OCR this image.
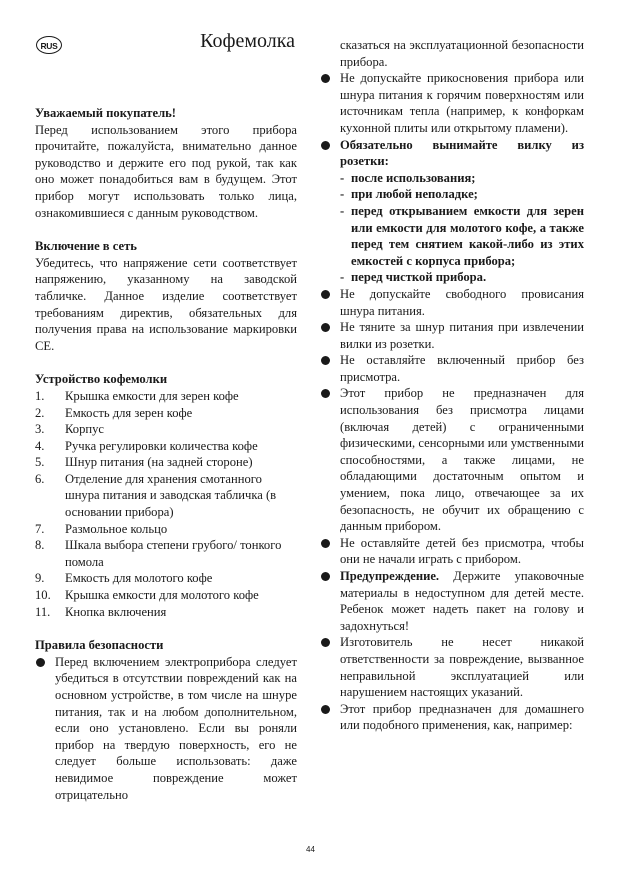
RUS	Кофемолка
Уважаемый покупатель!

Перед использованием этого прибора прочитайте, пожалуйста, внимательно данное руководство и держите его под рукой, так как оно может понадобиться вам в будущем. Этот прибор могут использовать только лица, ознакомившиеся с данным руководством.

Включение в сеть

Убедитесь, что напряжение сети соответствует напряжению, указанному на заводской табличке. Данное изделие соответствует требованиям директив, обязательных для получения права на использование маркировки СЕ.

Устройство кофемолки
1.	Крышка емкости для зерен кофе
2.	Емкость для зерен кофе
3.	Корпус
4.	Ручка регулировки количества кофе
5.	Шнур питания (на задней стороне)
6.	Отделение для хранения смотанного шнура питания и заводская табличка (в основании прибора)
7.	Размольное кольцо
8.	Шкала выбора степени грубого/ тонкого помола
9.	Емкость для молотого кофе
10.	Крышка емкости для молотого кофе
11.	Кнопка включения
Правила безопасности

Перед включением электроприбора следует убедиться в отсутствии повреждений как на основном устройстве, в том числе на шнуре питания, так и на любом дополнительном, если оно установлено. Если вы роняли прибор на твердую поверхность, его не следует больше использовать: даже невидимое повреждение может отрицательно

сказаться на эксплуатационной безопасности прибора.

Не допускайте прикосновения прибора или шнура питания к горячим поверхностям или источникам тепла (например, к конфоркам кухонной плиты или открытому пламени).

Обязательно вынимайте вилку из розетки:

- после использования;
- при любой неполадке;
- перед открыванием емкости для зерен или емкости для молотого кофе, а также перед тем снятием какой-либо из этих емкостей с корпуса прибора;

- перед чисткой прибора.

Не допускайте свободного провисания шнура питания.

Не тяните за шнур питания при извлечении вилки из розетки.

Не оставляйте включенный прибор без присмотра.

Этот прибор не предназначен для использования без присмотра лицами (включая детей) с ограниченными физическими, сенсорными или умственными способностями, а также лицами, не обладающими достаточным опытом и умением, пока лицо, отвечающее за их безопасность, не обучит их обращению с данным прибором.

Не оставляйте детей без присмотра, чтобы они не начали играть с прибором.

Предупреждение. Держите упаковочные материалы в недоступном для детей месте. Ребенок может надеть пакет на голову и задохнуться!

Изготовитель не несет никакой ответственности за повреждение, вызванное неправильной эксплуатацией или нарушением настоящих указаний.

Этот прибор предназначен для домашнего или подобного применения, как, например:

44
